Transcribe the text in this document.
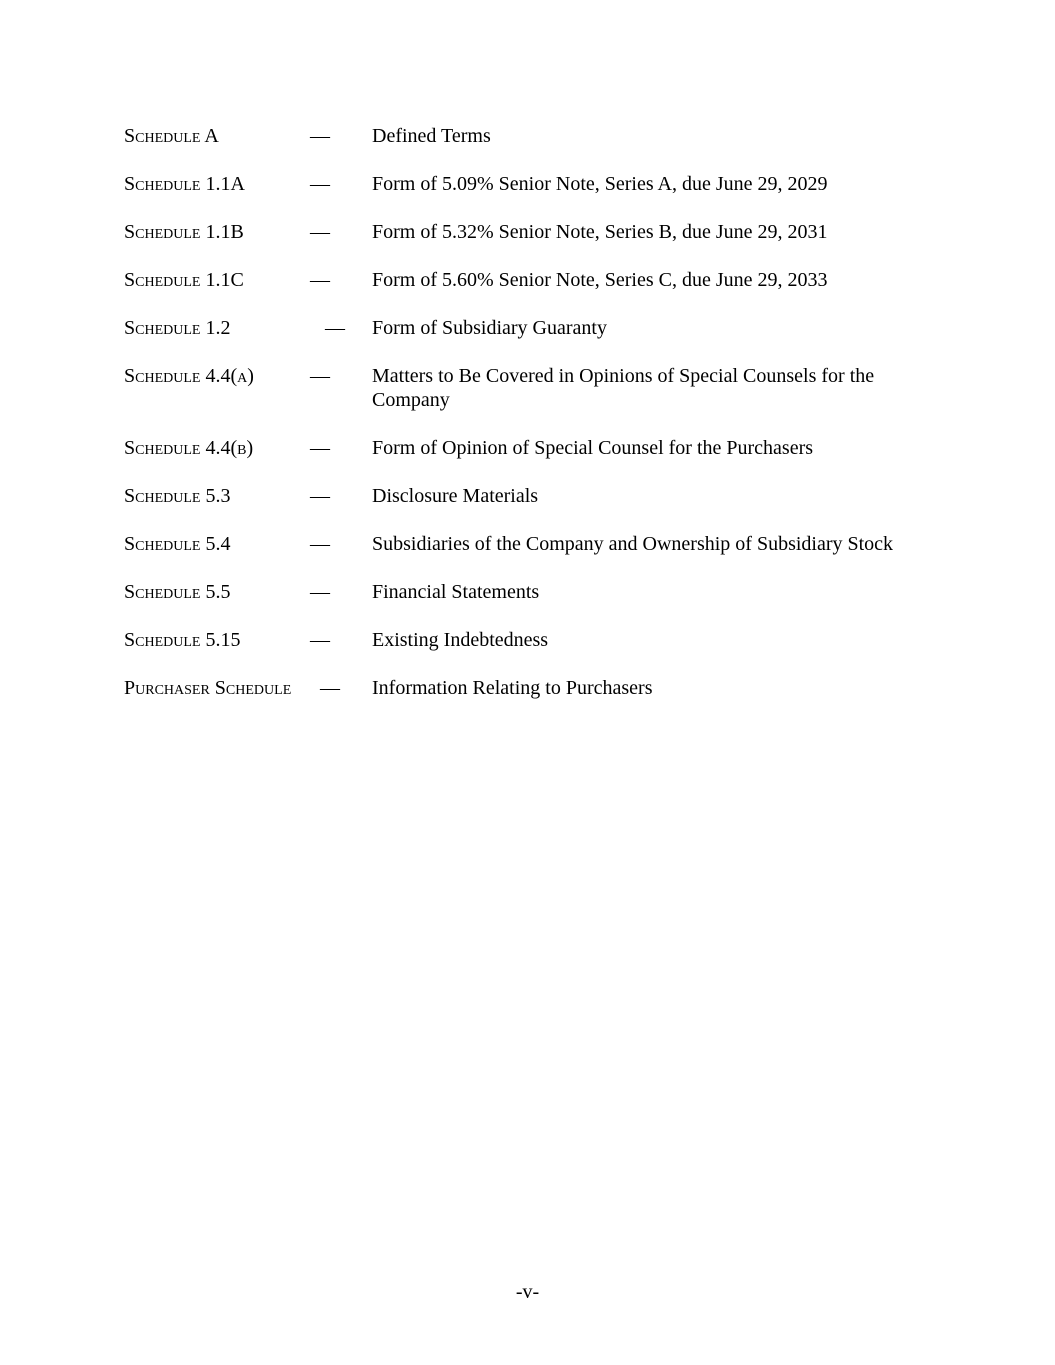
Schedule A	— Defined Terms
Schedule 1.1A	— Form of 5.09% Senior Note, Series A, due June 29, 2029
Schedule 1.1B	— Form of 5.32% Senior Note, Series B, due June 29, 2031
Schedule 1.1C	— Form of 5.60% Senior Note, Series C, due June 29, 2033
Schedule 1.2	— Form of Subsidiary Guaranty
Schedule 4.4(a)	— Matters to Be Covered in Opinions of Special Counsels for the Company
Schedule 4.4(b)	— Form of Opinion of Special Counsel for the Purchasers
Schedule 5.3	— Disclosure Materials
Schedule 5.4	— Subsidiaries of the Company and Ownership of Subsidiary Stock
Schedule 5.5	— Financial Statements
Schedule 5.15	— Existing Indebtedness
Purchaser Schedule — Information Relating to Purchasers
-v-
